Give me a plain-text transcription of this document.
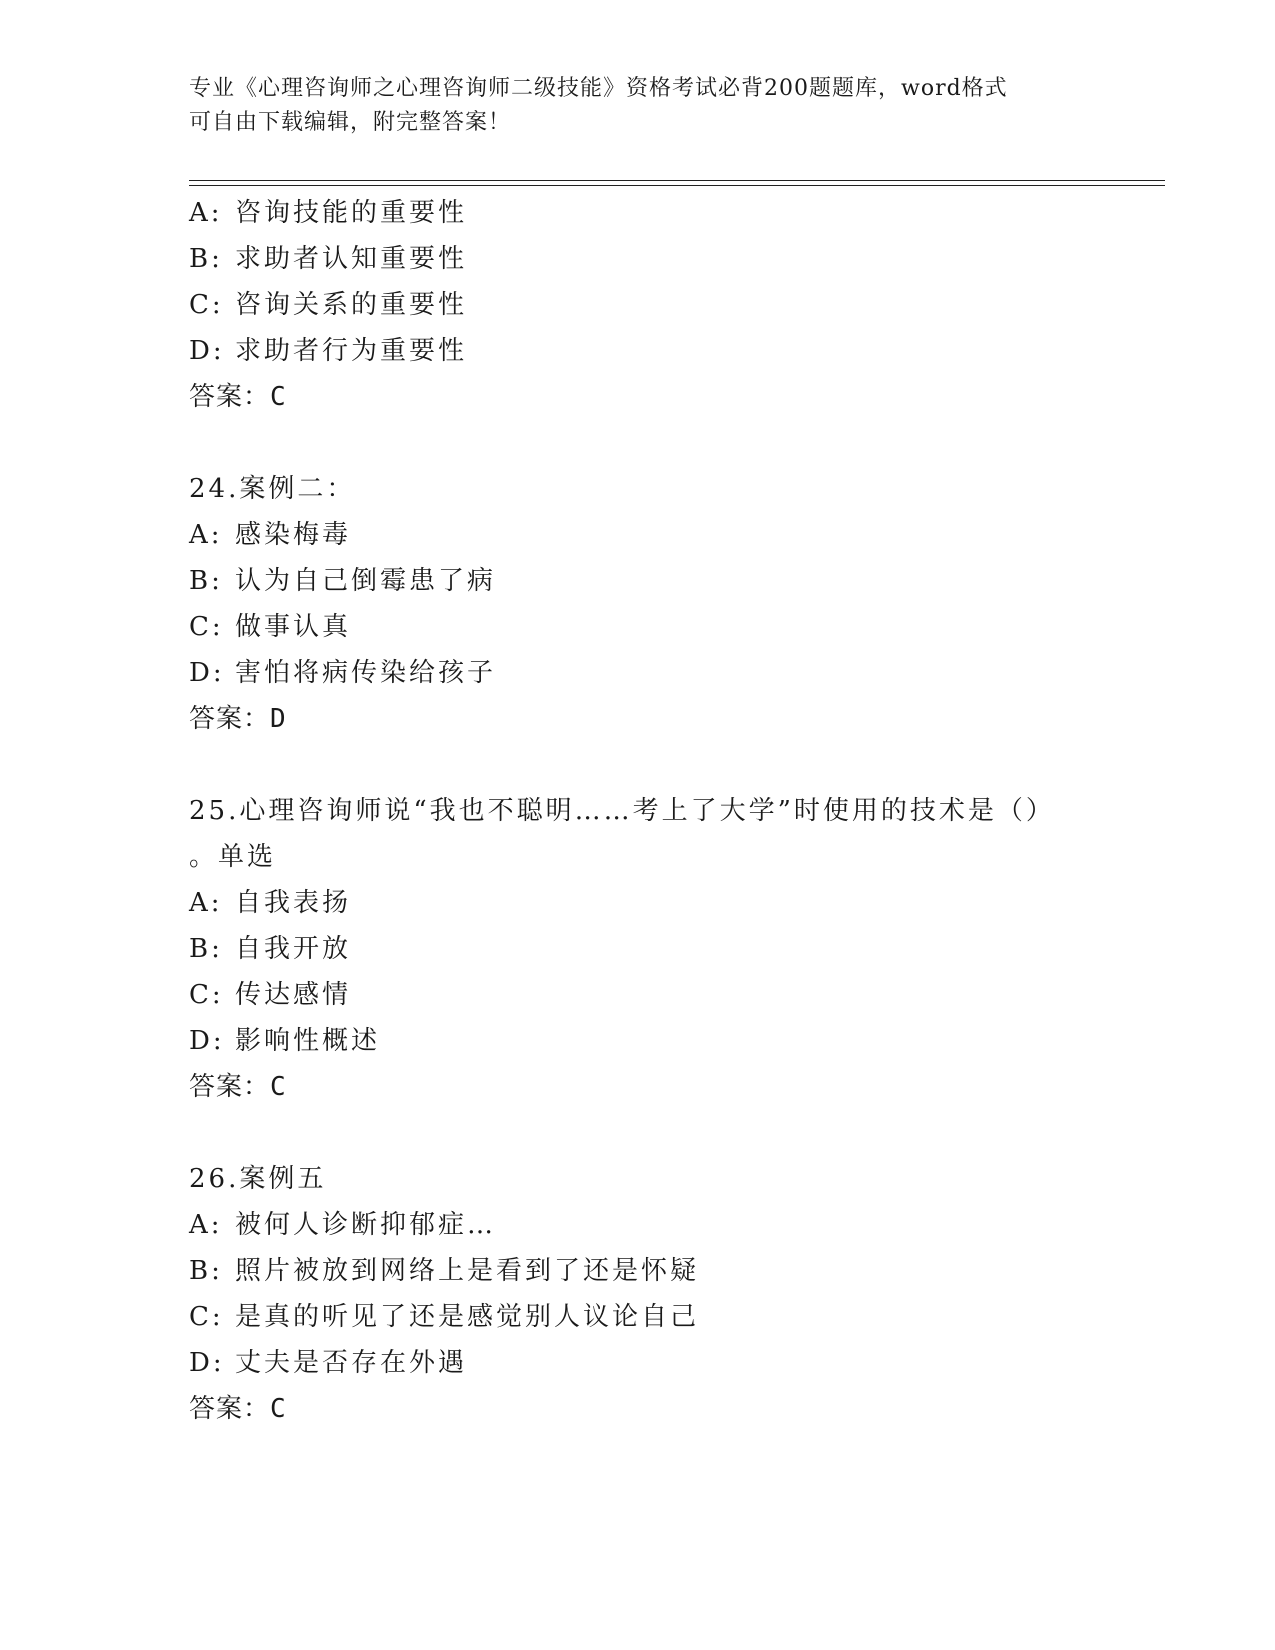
专业《心理咨询师之心理咨询师二级技能》资格考试必背200题题库，word格式
可自由下载编辑，附完整答案！
A: 咨询技能的重要性
B: 求助者认知重要性
C: 咨询关系的重要性
D: 求助者行为重要性
答案：C
24.案例二：
A: 感染梅毒
B: 认为自己倒霉患了病
C: 做事认真
D: 害怕将病传染给孩子
答案：D
25.心理咨询师说“我也不聪明……考上了大学”时使用的技术是（）
。单选
A: 自我表扬
B: 自我开放
C: 传达感情
D: 影响性概述
答案：C
26.案例五
A: 被何人诊断抑郁症…
B: 照片被放到网络上是看到了还是怀疑
C: 是真的听见了还是感觉别人议论自己
D: 丈夫是否存在外遇
答案：C
